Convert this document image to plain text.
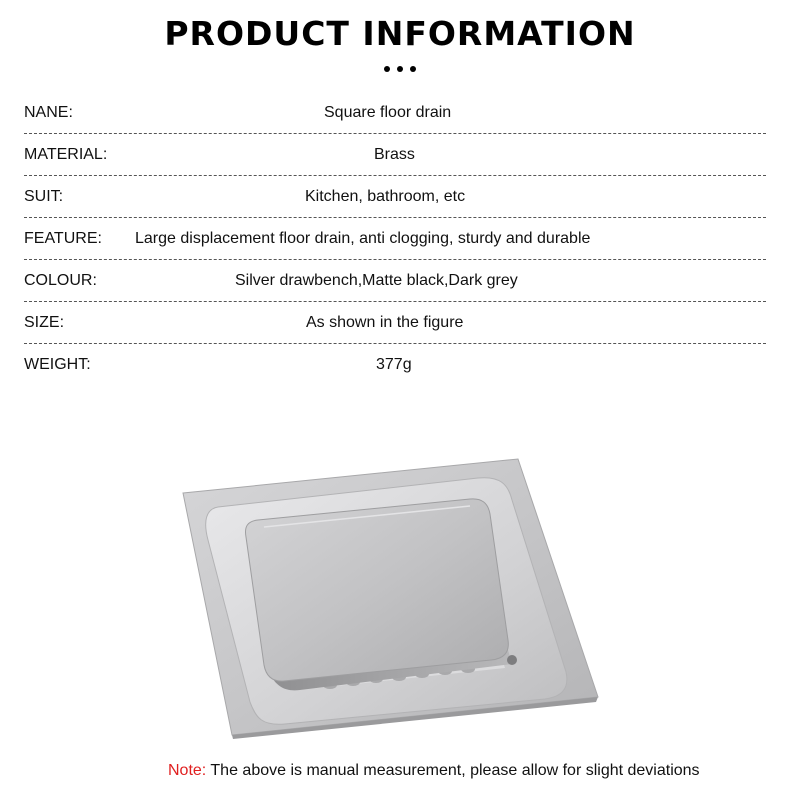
PRODUCT INFORMATION
NANE:	Square floor drain
MATERIAL:	Brass
SUIT:	Kitchen, bathroom, etc
FEATURE: Large displacement floor drain, anti clogging, sturdy and durable
COLOUR:	Silver drawbench,Matte black,Dark grey
SIZE:	As shown in the figure
WEIGHT:	377g
Note: The above is manual measurement, please allow for slight deviations
